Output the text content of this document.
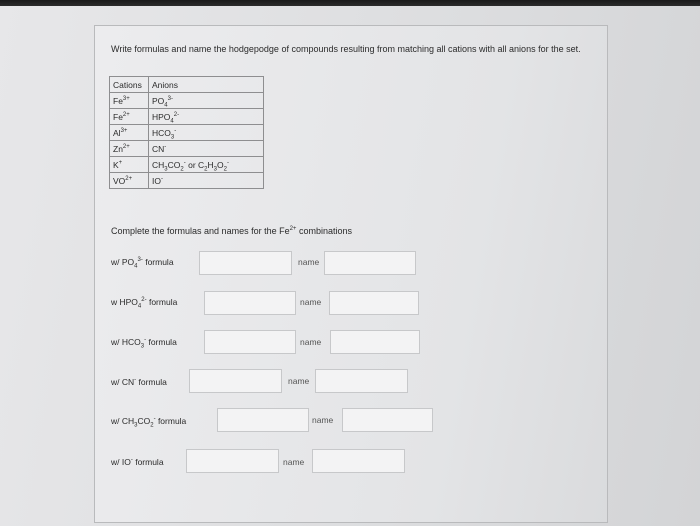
Write formulas and name the hodgepodge of compounds resulting from matching all cations with all anions for the set.
Cations	Anions
$Fe^{3+}$	$PO_4^{3-}$
$Fe^{2+}$	$HPO_4^{2-}$
$Al^{3+}$	$HCO_3^-$
$Zn^{2+}$	CN-
K+	$CH_3CO_2^-$ or $C_2H_3O_2^-$
$VO^{2+}$	IO-
Complete the formulas and names for the $Fe^{2+}$ combinations
w/ $PO_4^{3-}$ formula	name
w $HPO_4^{2-}$ formula	name
w/ $HCO_3^-$ formula	name
w/ CN- formula	name
w/ $CH_3CO_2^-$ formula	name
w/ IO- formula	name
